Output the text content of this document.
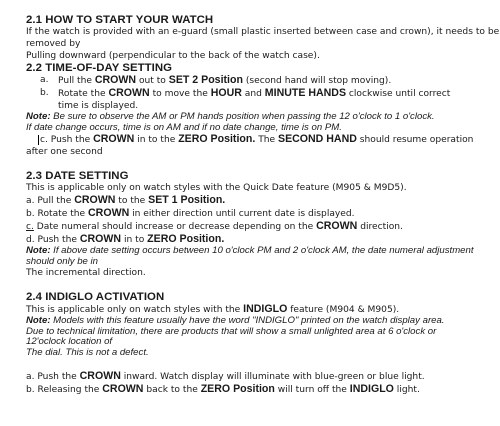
2.1 HOW TO START YOUR WATCH
If the watch is provided with an e-guard (small plastic inserted between case and crown), it needs to be
removed by
Pulling downward (perpendicular to the back of the watch case).
2.2 TIME-OF-DAY SETTING
a.	Pull the CROWN out to SET 2 Position (second hand will stop moving).
b.	Rotate the CROWN to move the HOUR and MINUTE HANDS clockwise until correct time is displayed.
Note: Be sure to observe the AM or PM hands position when passing the 12 o'clock to 1 o'clock.
If date change occurs, time is on AM and if no date change, time is on PM.
c. Push the CROWN in to the ZERO Position. The SECOND HAND should resume operation
after one second
2.3 DATE SETTING
This is applicable only on watch styles with the Quick Date feature (M905 & M9D5).
a. Pull the CROWN to the SET 1 Position.
b. Rotate the CROWN in either direction until current date is displayed.
c. Date numeral should increase or decrease depending on the CROWN direction.
d. Push the CROWN in to ZERO Position.
Note: If above date setting occurs between 10 o'clock PM and 2 o'clock AM, the date numeral adjustment
should only be in
The incremental direction.
2.4 INDIGLO ACTIVATION
This is applicable only on watch styles with the INDIGLO feature (M904 & M905).
Note: Models with this feature usually have the word "INDIGLO" printed on the watch display area.
Due to technical limitation, there are products that will show a small unlighted area at 6 o'clock or
12'oclock location of
The dial. This is not a defect.
a. Push the CROWN inward. Watch display will illuminate with blue-green or blue light.
b. Releasing the CROWN back to the ZERO Position will turn off the INDIGLO light.
